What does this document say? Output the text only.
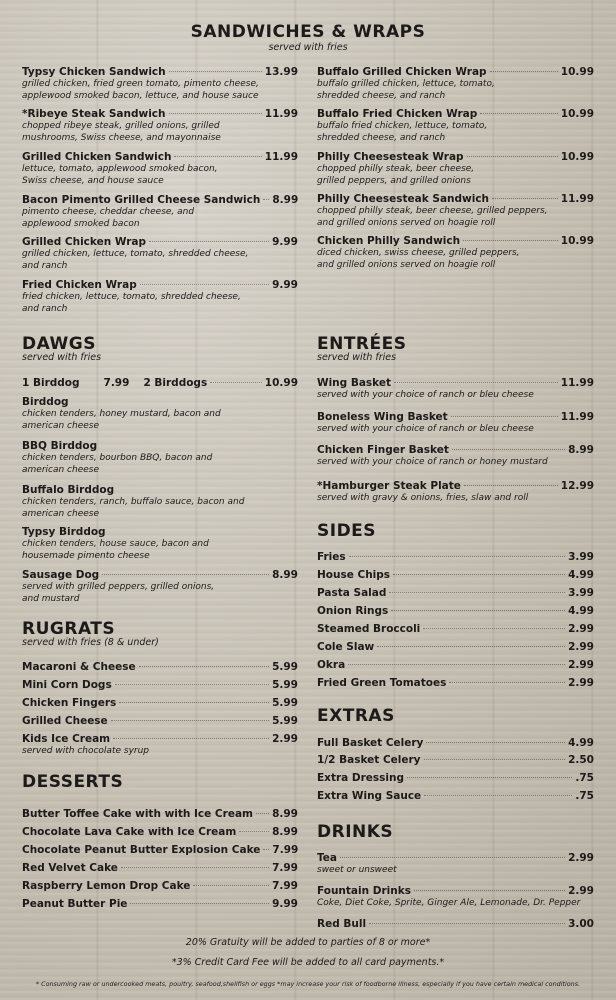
SANDWICHES & WRAPS
served with fries
Typsy Chicken Sandwich	13.99
grilled chicken, fried green tomato, pimento cheese,
applewood smoked bacon, lettuce, and house sauce
*Ribeye Steak Sandwich	11.99
chopped ribeye steak, grilled onions, grilled
mushrooms, Swiss cheese, and mayonnaise
Grilled Chicken Sandwich	11.99
lettuce, tomato, applewood smoked bacon,
Swiss cheese, and house sauce
Bacon Pimento Grilled Cheese Sandwich 8.99
pimento cheese, cheddar cheese, and
applewood smoked bacon
Grilled Chicken Wrap	9.99
grilled chicken, lettuce, tomato, shredded cheese,
and ranch
Fried Chicken Wrap	9.99
fried chicken, lettuce, tomato, shredded cheese,
and ranch
Buffalo Grilled Chicken Wrap	10.99
buffalo grilled chicken, lettuce, tomato,
shredded cheese, and ranch
Buffalo Fried Chicken Wrap	10.99
buffalo fried chicken, lettuce, tomato,
shredded cheese, and ranch
Philly Cheesesteak Wrap	10.99
chopped philly steak, beer cheese,
grilled peppers, and grilled onions
Philly Cheesesteak Sandwich	11.99
chopped philly steak, beer cheese, grilled peppers,
and grilled onions served on hoagie roll
Chicken Philly Sandwich	10.99
diced chicken, swiss cheese, grilled peppers,
and grilled onions served on hoagie roll
DAWGS
served with fries
1 Birddog 7.99 2 Birddogs	10.99
Birddog
chicken tenders, honey mustard, bacon and
american cheese
BBQ Birddog
chicken tenders, bourbon BBQ, bacon and
american cheese
Buffalo Birddog
chicken tenders, ranch, buffalo sauce, bacon and
american cheese
Typsy Birddog
chicken tenders, house sauce, bacon and
housemade pimento cheese
Sausage Dog	8.99
served with grilled peppers, grilled onions,
and mustard
RUGRATS
served with fries (8 & under)
Macaroni & Cheese	5.99
Mini Corn Dogs	5.99
Chicken Fingers	5.99
Grilled Cheese	5.99
Kids Ice Cream	2.99
served with chocolate syrup
DESSERTS
Butter Toffee Cake with with Ice Cream 8.99
Chocolate Lava Cake with Ice Cream	8.99
Chocolate Peanut Butter Explosion Cake 7.99
Red Velvet Cake	7.99
Raspberry Lemon Drop Cake	7.99
Peanut Butter Pie	9.99
ENTRÉES
served with fries
Wing Basket	11.99
served with your choice of ranch or bleu cheese
Boneless Wing Basket	11.99
served with your choice of ranch or bleu cheese
Chicken Finger Basket	8.99
served with your choice of ranch or honey mustard
*Hamburger Steak Plate	12.99
served with gravy & onions, fries, slaw and roll
SIDES
Fries	3.99
House Chips	4.99
Pasta Salad	3.99
Onion Rings	4.99
Steamed Broccoli	2.99
Cole Slaw	2.99
Okra	2.99
Fried Green Tomatoes	2.99
EXTRAS
Full Basket Celery	4.99
1/2 Basket Celery	2.50
Extra Dressing	.75
Extra Wing Sauce	.75
DRINKS
Tea	2.99
sweet or unsweet
Fountain Drinks	2.99
Coke, Diet Coke, Sprite, Ginger Ale, Lemonade, Dr. Pepper
Red Bull	3.00
20% Gratuity will be added to parties of 8 or more*
*3% Credit Card Fee will be added to all card payments.*
* Consuming raw or undercooked meats, poultry, seafood,shellfish or eggs *may increase your risk of foodborne illness, especially if you have certain medical conditions.
